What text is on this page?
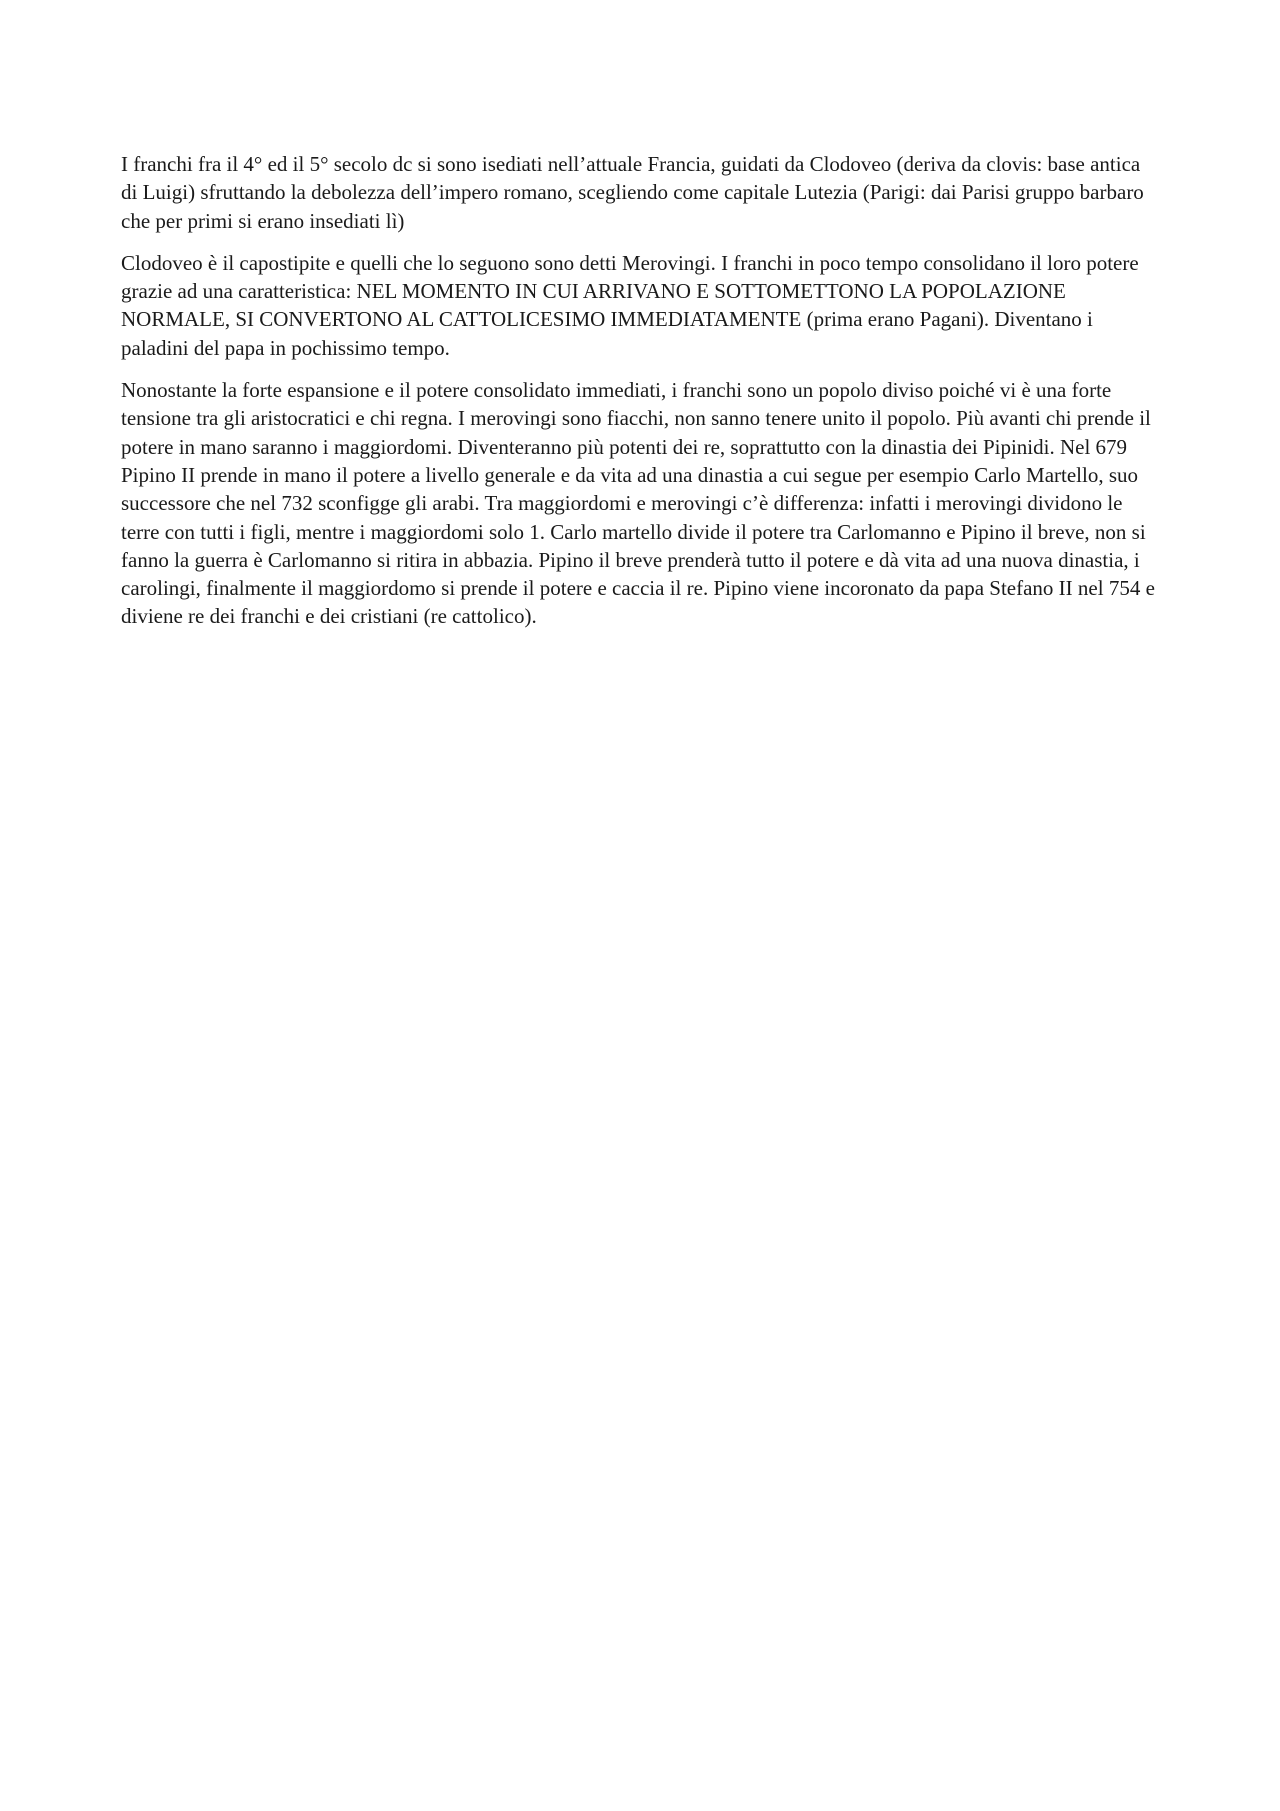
I franchi fra il 4° ed il 5° secolo dc si sono isediati nell’attuale Francia, guidati da Clodoveo (deriva da clovis: base antica di Luigi) sfruttando la debolezza dell’impero romano, scegliendo come capitale Lutezia (Parigi: dai Parisi gruppo barbaro che per primi si erano insediati lì)

Clodoveo è il capostipite e quelli che lo seguono sono detti Merovingi. I franchi in poco tempo consolidano il loro potere grazie ad una caratteristica: NEL MOMENTO IN CUI ARRIVANO E SOTTOMETTONO LA POPOLAZIONE NORMALE, SI CONVERTONO AL CATTOLICESIMO IMMEDIATAMENTE (prima erano Pagani). Diventano i paladini del papa in pochissimo tempo.

Nonostante la forte espansione e il potere consolidato immediati, i franchi sono un popolo diviso poiché vi è una forte tensione tra gli aristocratici e chi regna. I merovingi sono fiacchi, non sanno tenere unito il popolo. Più avanti chi prende il potere in mano saranno i maggiordomi. Diventeranno più potenti dei re, soprattutto con la dinastia dei Pipinidi. Nel 679 Pipino II prende in mano il potere a livello generale e da vita ad una dinastia a cui segue per esempio Carlo Martello, suo successore che nel 732 sconfigge gli arabi. Tra maggiordomi e merovingi c’è differenza: infatti i merovingi dividono le terre con tutti i figli, mentre i maggiordomi solo 1. Carlo martello divide il potere tra Carlomanno e Pipino il breve, non si fanno la guerra è Carlomanno si ritira in abbazia. Pipino il breve prenderà tutto il potere e dà vita ad una nuova dinastia, i carolingi, finalmente il maggiordomo si prende il potere e caccia il re. Pipino viene incoronato da papa Stefano II nel 754 e diviene re dei franchi e dei cristiani (re cattolico).
